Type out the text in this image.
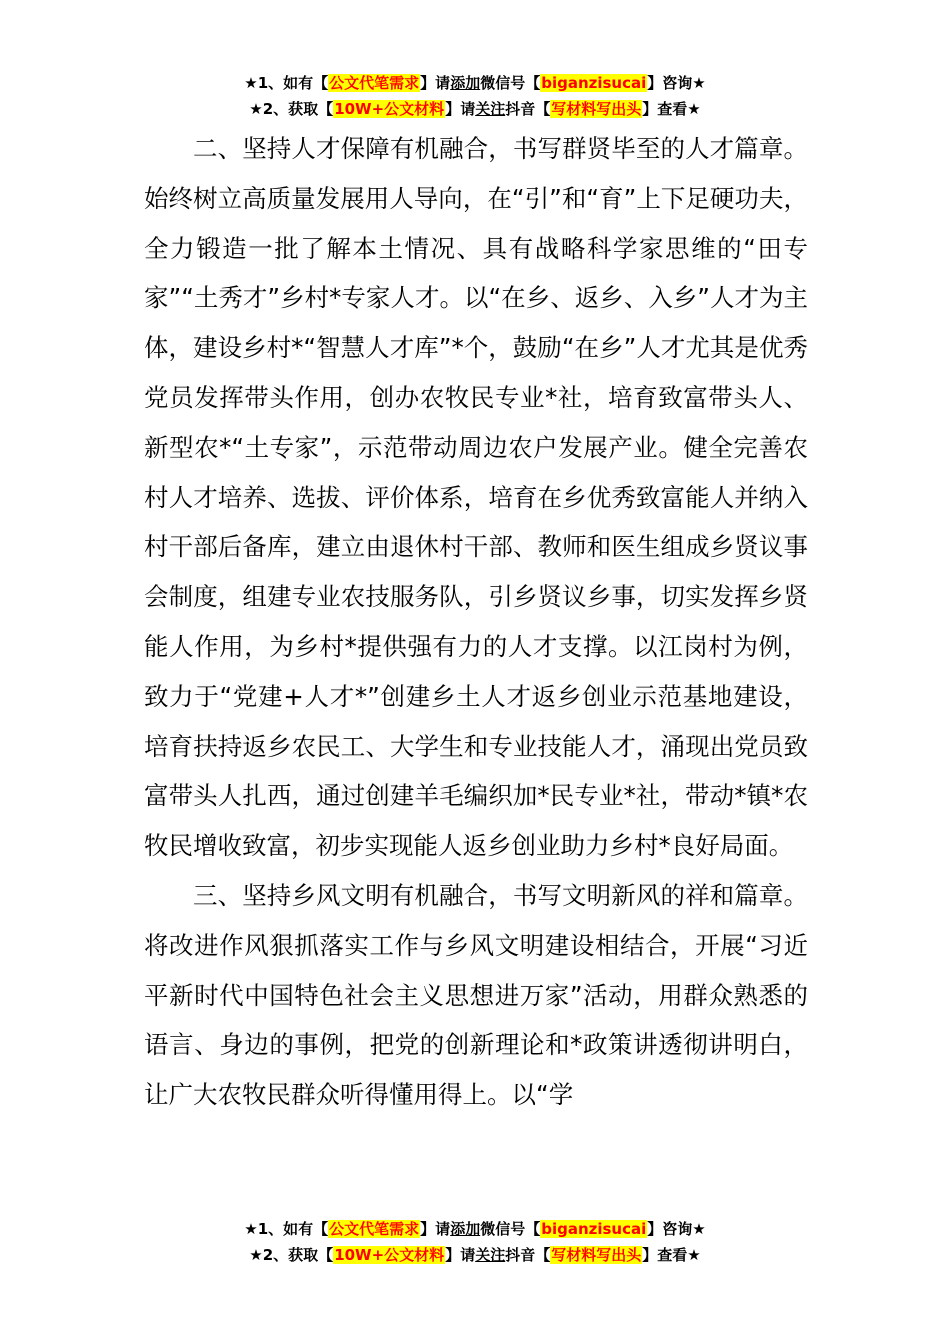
★1、如有【公文代笔需求】请添加微信号【biganzisucai】咨询★
★2、获取【10W+公文材料】请关注抖音【写材料写出头】查看★

二、坚持人才保障有机融合，书写群贤毕至的人才篇章。始终树立高质量发展用人导向，在“引”和“育”上下足硬功夫，全力锻造一批了解本土情况、具有战略科学家思维的“田专家”“土秀才”乡村*专家人才。以“在乡、返乡、入乡”人才为主体，建设乡村*“智慧人才库”*个，鼓励“在乡”人才尤其是优秀党员发挥带头作用，创办农牧民专业*社，培育致富带头人、新型农*“土专家”，示范带动周边农户发展产业。健全完善农村人才培养、选拔、评价体系，培育在乡优秀致富能人并纳入村干部后备库，建立由退休村干部、教师和医生组成乡贤议事会制度，组建专业农技服务队，引乡贤议乡事，切实发挥乡贤能人作用，为乡村*提供强有力的人才支撑。以江岗村为例，致力于“党建+人才*”创建乡土人才返乡创业示范基地建设，培育扶持返乡农民工、大学生和专业技能人才，涌现出党员致富带头人扎西，通过创建羊毛编织加*民专业*社，带动*镇*农牧民增收致富，初步实现能人返乡创业助力乡村*良好局面。

三、坚持乡风文明有机融合，书写文明新风的祥和篇章。将改进作风狠抓落实工作与乡风文明建设相结合，开展“习近平新时代中国特色社会主义思想进万家”活动，用群众熟悉的语言、身边的事例，把党的创新理论和*政策讲透彻讲明白，让广大农牧民群众听得懂用得上。以“学

★1、如有【公文代笔需求】请添加微信号【biganzisucai】咨询★
★2、获取【10W+公文材料】请关注抖音【写材料写出头】查看★
